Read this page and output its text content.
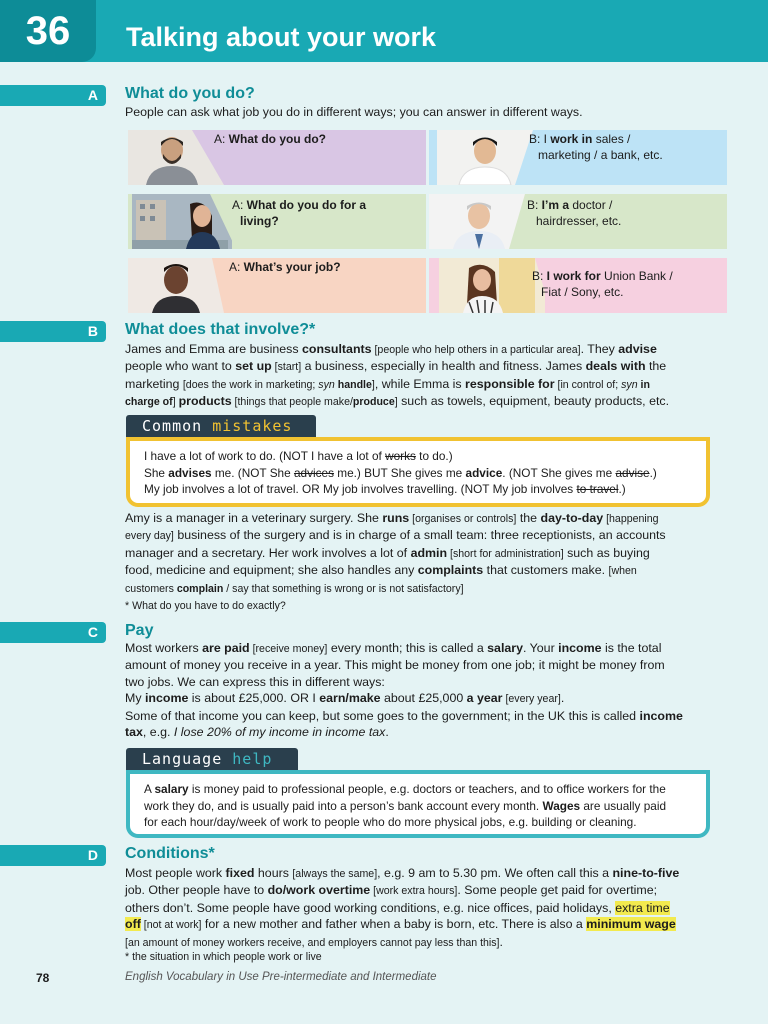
36	Talking about your work
A	What do you do?
People can ask what job you do in different ways; you can answer in different ways.
A: What do you do?	B: I work in sales /
marketing / a bank, etc.
A: What do you do for a
living?
B: I’m a doctor /
hairdresser, etc.
A: What’s your job?
B: I work for Union Bank /
Fiat / Sony, etc.
B	What does that involve?*
James and Emma are business consultants [people who help others in a particular area]. They advise
people who want to set up [start] a business, especially in health and fitness. James deals with the
marketing [does the work in marketing; syn handle], while Emma is responsible for [in control of; syn in
charge of] products [things that people make/produce] such as towels, equipment, beauty products, etc.
Common mistakes
I have a lot of work to do. (NOT I have a lot of works to do.)
She advises me. (NOT She advices me.) BUT She gives me advice. (NOT She gives me advise.)
My job involves a lot of travel. OR My job involves travelling. (NOT My job involves to travel.)
Amy is a manager in a veterinary surgery. She runs [organises or controls] the day-to-day [happening
every day] business of the surgery and is in charge of a small team: three receptionists, an accounts
manager and a secretary. Her work involves a lot of admin [short for administration] such as buying
food, medicine and equipment; she also handles any complaints that customers make. [when
customers complain / say that something is wrong or is not satisfactory]
* What do you have to do exactly?
C	Pay
Most workers are paid [receive money] every month; this is called a salary. Your income is the total
amount of money you receive in a year. This might be money from one job; it might be money from
two jobs. We can express this in different ways:
My income is about £25,000. OR I earn/make about £25,000 a year [every year].
Some of that income you can keep, but some goes to the government; in the UK this is called income
tax, e.g. I lose 20% of my income in income tax.
Language help
A salary is money paid to professional people, e.g. doctors or teachers, and to office workers for the
work they do, and is usually paid into a person’s bank account every month. Wages are usually paid
for each hour/day/week of work to people who do more physical jobs, e.g. building or cleaning.
D	Conditions*
Most people work fixed hours [always the same], e.g. 9 am to 5.30 pm. We often call this a nine-to-five
job. Other people have to do/work overtime [work extra hours]. Some people get paid for overtime;
others don’t. Some people have good working conditions, e.g. nice offices, paid holidays, extra time
off [not at work] for a new mother and father when a baby is born, etc. There is also a minimum wage
[an amount of money workers receive, and employers cannot pay less than this].
* the situation in which people work or live
78	English Vocabulary in Use Pre-intermediate and Intermediate
